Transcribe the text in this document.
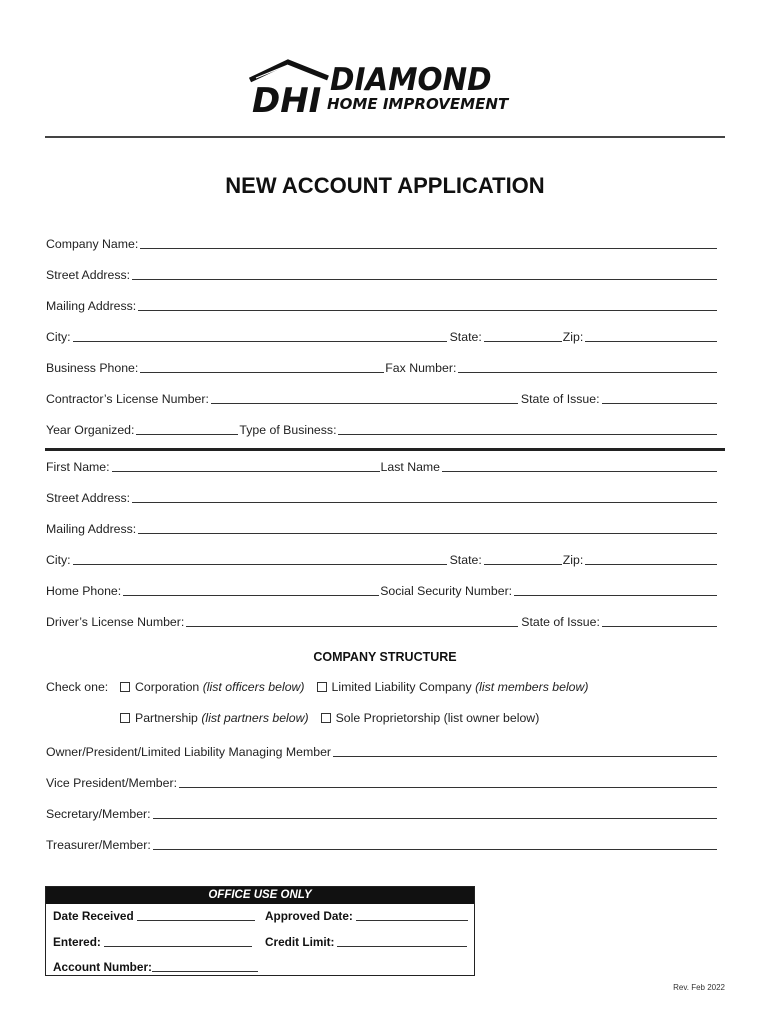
DHI
DIAMOND
HOME IMPROVEMENT
NEW ACCOUNT APPLICATION
Company Name:
Street Address:
Mailing Address:
City:	State:	Zip:
Business Phone:	Fax Number:
Contractor’s License Number:	State of Issue:
Year Organized:	Type of Business:
First Name:	Last Name
Street Address:
Mailing Address:
City:	State:	Zip:
Home Phone:	Social Security Number:
Driver’s License Number:	State of Issue:
COMPANY STRUCTURE
Check one: Corporation
(list officers below) Limited Liability Company
(list members below)
Partnership
(list partners below) Sole Proprietorship
(list owner below)
Owner/President/Limited Liability Managing Member
Vice President/Member:
Secretary/Member:
Treasurer/Member:
OFFICE USE ONLY
Date Received	Approved Date:
Entered:	Credit Limit:
Account Number:
Rev. Feb 2022
